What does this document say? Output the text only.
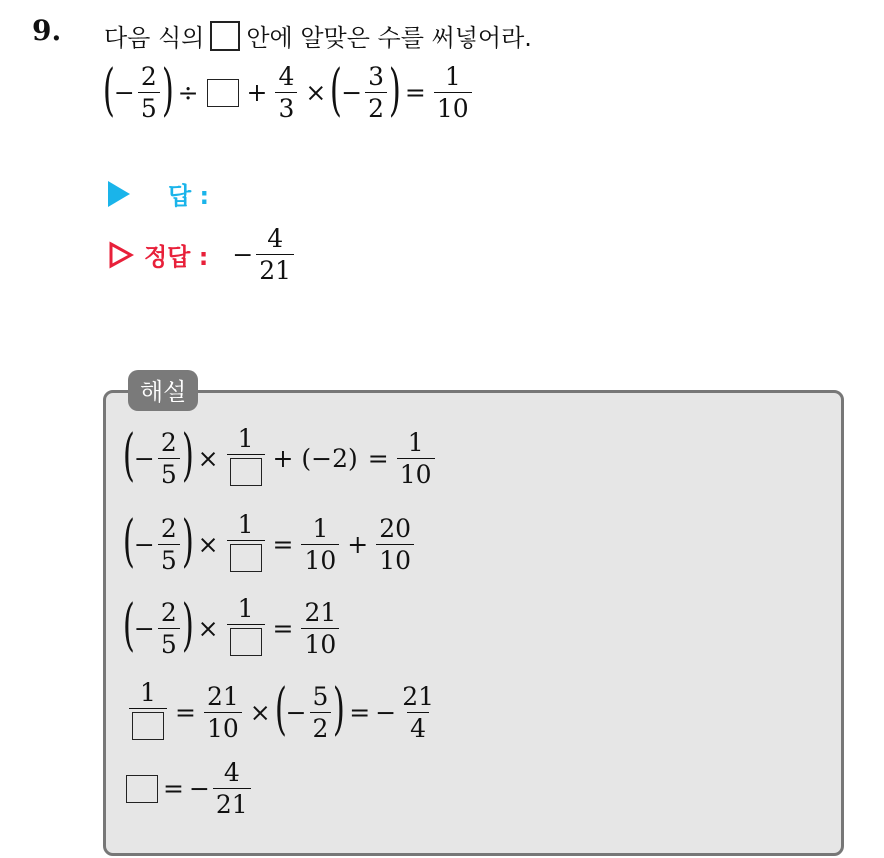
9. 다음 식의 안에 알맞은 수를 써넣어라.
(
− $\frac{2}{5}$ ) ÷ + $\frac{4}{3}$ × (
− $\frac{3}{2}$ ) = $\frac{1}{10}$
답 :
정답 : − $\frac{4}{21}$
해설
(
− $\frac{2}{5}$ ) ×
1
+ $(-2) = \frac{1}{10}$
(
− $\frac{2}{5}$ ) ×
1
= $\frac{1}{10} + \frac{20}{10}$
(
− $\frac{2}{5}$ ) ×
1
= $\frac{21}{10}$
1
= $\frac{21}{10}$ × (
− $\frac{5}{2}$ ) = − $\frac{21}{4}$
= − $\frac{4}{21}$
